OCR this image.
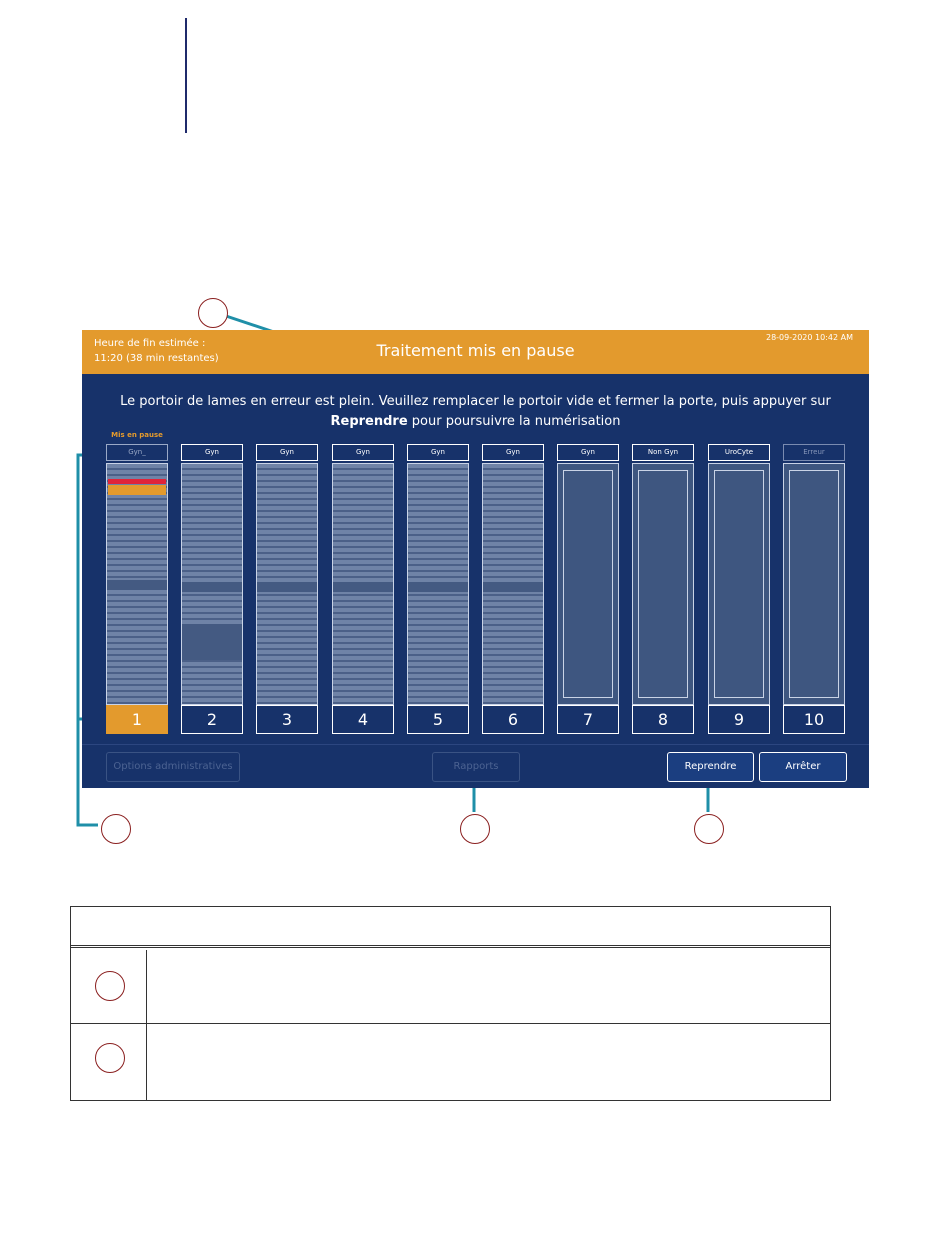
Heure de fin estimée :
11:20 (38 min restantes)	Traitement mis en pause
28-09-2020 10:42 AM
Le portoir de lames en erreur est plein. Veuillez remplacer le portoir vide et fermer la porte, puis appuyer sur Reprendre pour poursuivre la numérisation
Mis en pause
Gyn_
1
Gyn
2
Gyn
3
Gyn
4
Gyn
5
Gyn
6
Gyn
7
Non Gyn
8
UroCyte
9
Erreur
10
Options administratives	Rapports	Reprendre	Arrêter
